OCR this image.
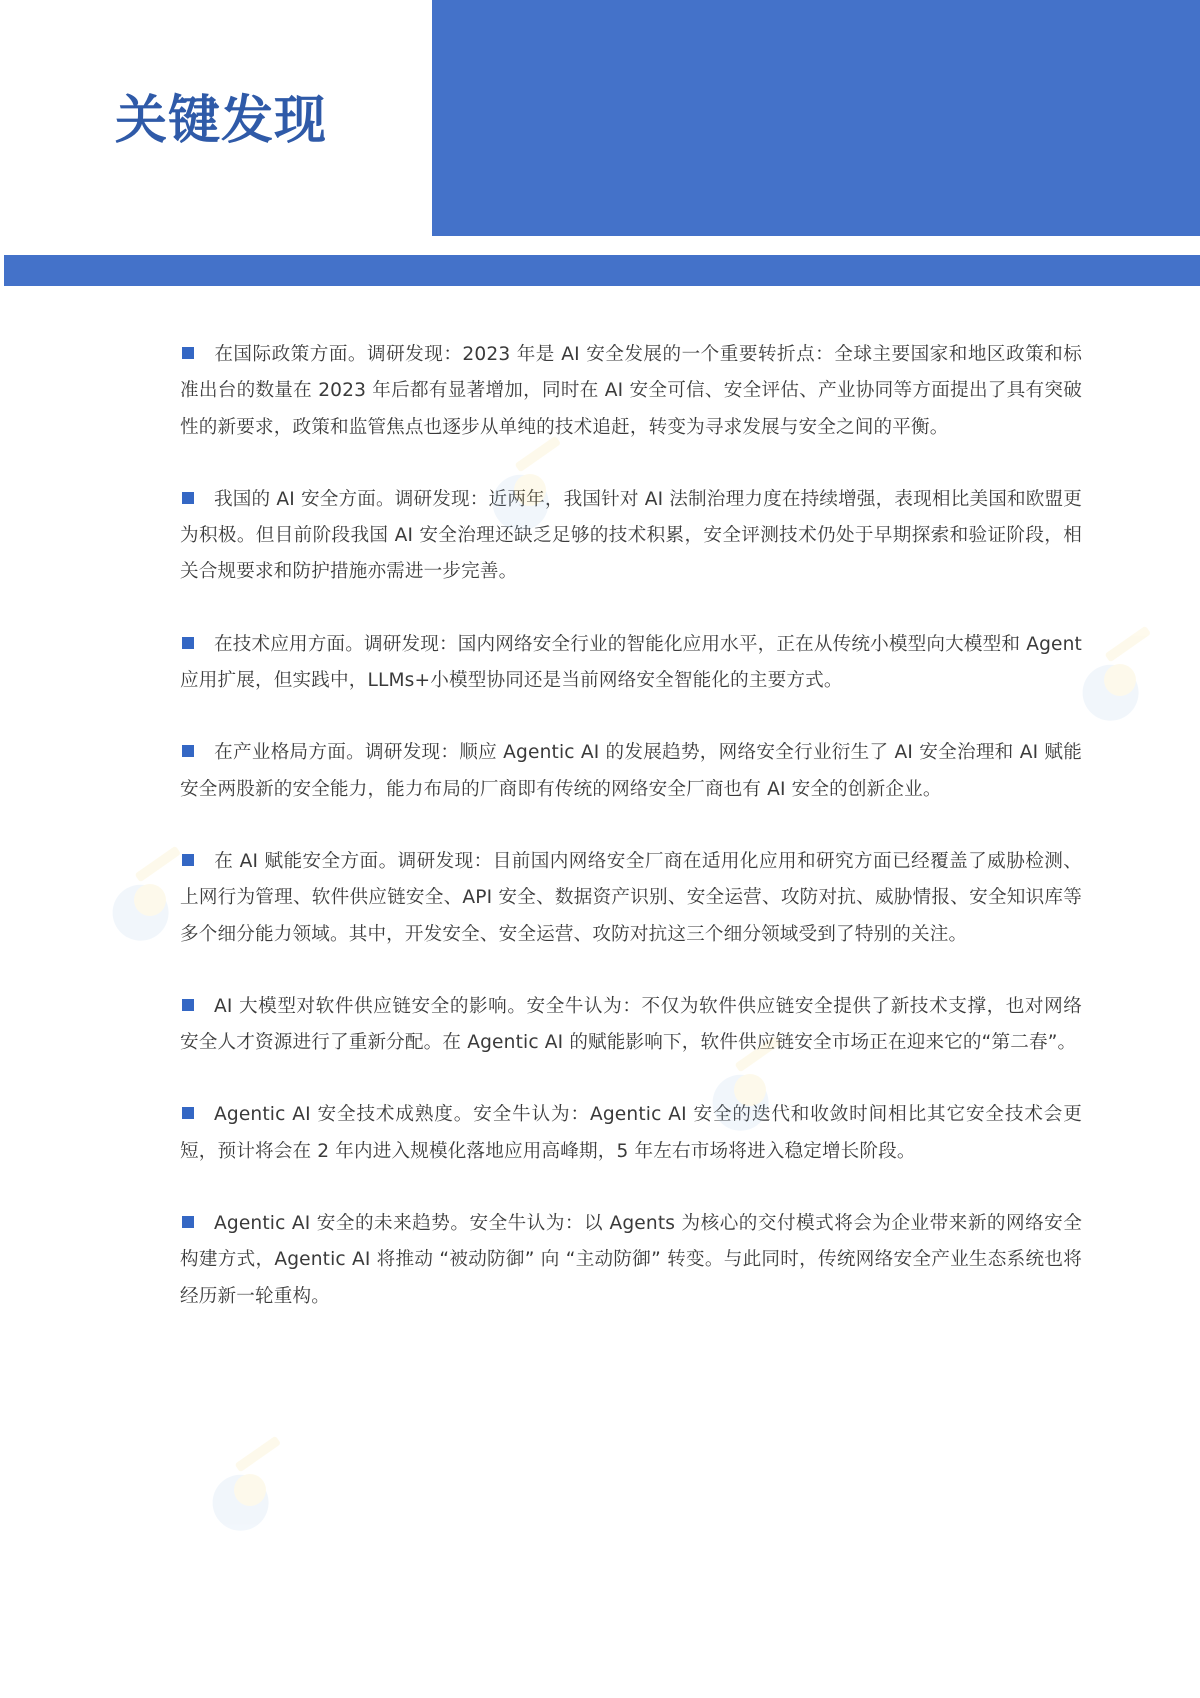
关键发现
在国际政策方面。调研发现：2023 年是 AI 安全发展的一个重要转折点：全球主要国家和地区政策和标准出台的数量在 2023 年后都有显著增加，同时在 AI 安全可信、安全评估、产业协同等方面提出了具有突破性的新要求，政策和监管焦点也逐步从单纯的技术追赶，转变为寻求发展与安全之间的平衡。
我国的 AI 安全方面。调研发现：近两年，我国针对 AI 法制治理力度在持续增强，表现相比美国和欧盟更为积极。但目前阶段我国 AI 安全治理还缺乏足够的技术积累，安全评测技术仍处于早期探索和验证阶段，相关合规要求和防护措施亦需进一步完善。
在技术应用方面。调研发现：国内网络安全行业的智能化应用水平，正在从传统小模型向大模型和 Agent 应用扩展，但实践中，LLMs+小模型协同还是当前网络安全智能化的主要方式。
在产业格局方面。调研发现：顺应 Agentic AI 的发展趋势，网络安全行业衍生了 AI 安全治理和 AI 赋能安全两股新的安全能力，能力布局的厂商即有传统的网络安全厂商也有 AI 安全的创新企业。
在 AI 赋能安全方面。调研发现：目前国内网络安全厂商在适用化应用和研究方面已经覆盖了威胁检测、上网行为管理、软件供应链安全、API 安全、数据资产识别、安全运营、攻防对抗、威胁情报、安全知识库等多个细分能力领域。其中，开发安全、安全运营、攻防对抗这三个细分领域受到了特别的关注。
AI 大模型对软件供应链安全的影响。安全牛认为：不仅为软件供应链安全提供了新技术支撑，也对网络安全人才资源进行了重新分配。在 Agentic AI 的赋能影响下，软件供应链安全市场正在迎来它的“第二春”。
Agentic AI 安全技术成熟度。安全牛认为：Agentic AI 安全的迭代和收敛时间相比其它安全技术会更短，预计将会在 2 年内进入规模化落地应用高峰期，5 年左右市场将进入稳定增长阶段。
Agentic AI 安全的未来趋势。安全牛认为：以 Agents 为核心的交付模式将会为企业带来新的网络安全构建方式，Agentic AI 将推动 “被动防御” 向 “主动防御” 转变。与此同时，传统网络安全产业生态系统也将经历新一轮重构。
